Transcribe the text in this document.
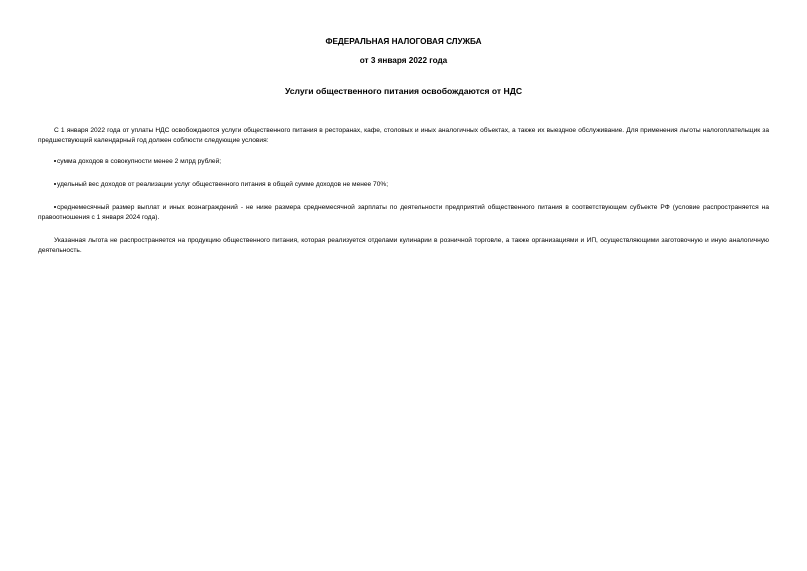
ФЕДЕРАЛЬНАЯ НАЛОГОВАЯ СЛУЖБА
от 3 января 2022 года
Услуги общественного питания освобождаются от НДС

С 1 января 2022 года от уплаты НДС освобождаются услуги общественного питания в ресторанах, кафе, столовых и иных аналогичных объектах, а также их выездное обслуживание. Для применения льготы налогоплательщик за предшествующий календарный год должен соблюсти следующие условия:

сумма доходов в совокупности менее 2 млрд рублей;

удельный вес доходов от реализации услуг общественного питания в общей сумме доходов не менее 70%;

среднемесячный размер выплат и иных вознаграждений - не ниже размера среднемесячной зарплаты по деятельности предприятий общественного питания в соответствующем субъекте РФ (условие распространяется на правоотношения с 1 января 2024 года).

Указанная льгота не распространяется на продукцию общественного питания, которая реализуется отделами кулинарии в розничной торговле, а также организациями и ИП, осуществляющими заготовочную и иную аналогичную деятельность.
